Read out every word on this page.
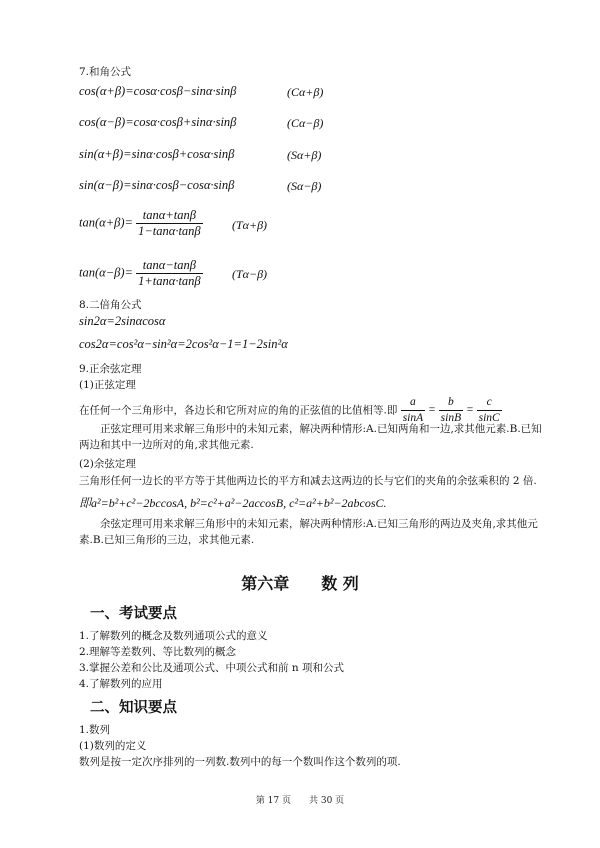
7.和角公式
cos(α+β)=cosα·cosβ−sinα·sinβ	(Cα+β)
cos(α−β)=cosα·cosβ+sinα·sinβ	(Cα−β)
sin(α+β)=sinα·cosβ+cosα·sinβ	(Sα+β)
sin(α−β)=sinα·cosβ−cosα·sinβ	(Sα−β)
$\tan(\alpha+\beta)= \frac{\tan\alpha+\tan\beta}{1-\tan\alpha\cdot\tan\beta} (T\alpha+\beta)$
$\tan(\alpha-\beta)= \frac{\tan\alpha-\tan\beta}{1+\tan\alpha\cdot\tan\beta} (T\alpha-\beta)$
8.二倍角公式
sin2α=2sinαcosα
cos2α=cos²α−sin²α=2cos²α−1=1−2sin²α
9.正余弦定理
(1)正弦定理
在任何一个三角形中，各边长和它所对应的角的正弦值的比值相等.即 $\frac{a}{\sin A} = \frac{b}{\sin B} = \frac{c}{\sin C}$
正弦定理可用来求解三角形中的未知元素，解决两种情形:A.已知两角和一边,求其他元素.B.已知两边和其中一边所对的角,求其他元素.
(2)余弦定理
三角形任何一边长的平方等于其他两边长的平方和减去这两边的长与它们的夹角的余弦乘积的 2 倍.
即a²=b²+c²−2bccosA, b²=c²+a²−2accosB, c²=a²+b²−2abcosC.
余弦定理可用来求解三角形中的未知元素，解决两种情形:A.已知三角形的两边及夹角,求其他元素.B.已知三角形的三边，求其他元素.
第六章　　数 列
一、考试要点
1.了解数列的概念及数列通项公式的意义
2.理解等差数列、等比数列的概念
3.掌握公差和公比及通项公式、中项公式和前 n 项和公式
4.了解数列的应用
二、知识要点
1.数列
(1)数列的定义
数列是按一定次序排列的一列数.数列中的每一个数叫作这个数列的项.
第 17 页　　共 30 页
